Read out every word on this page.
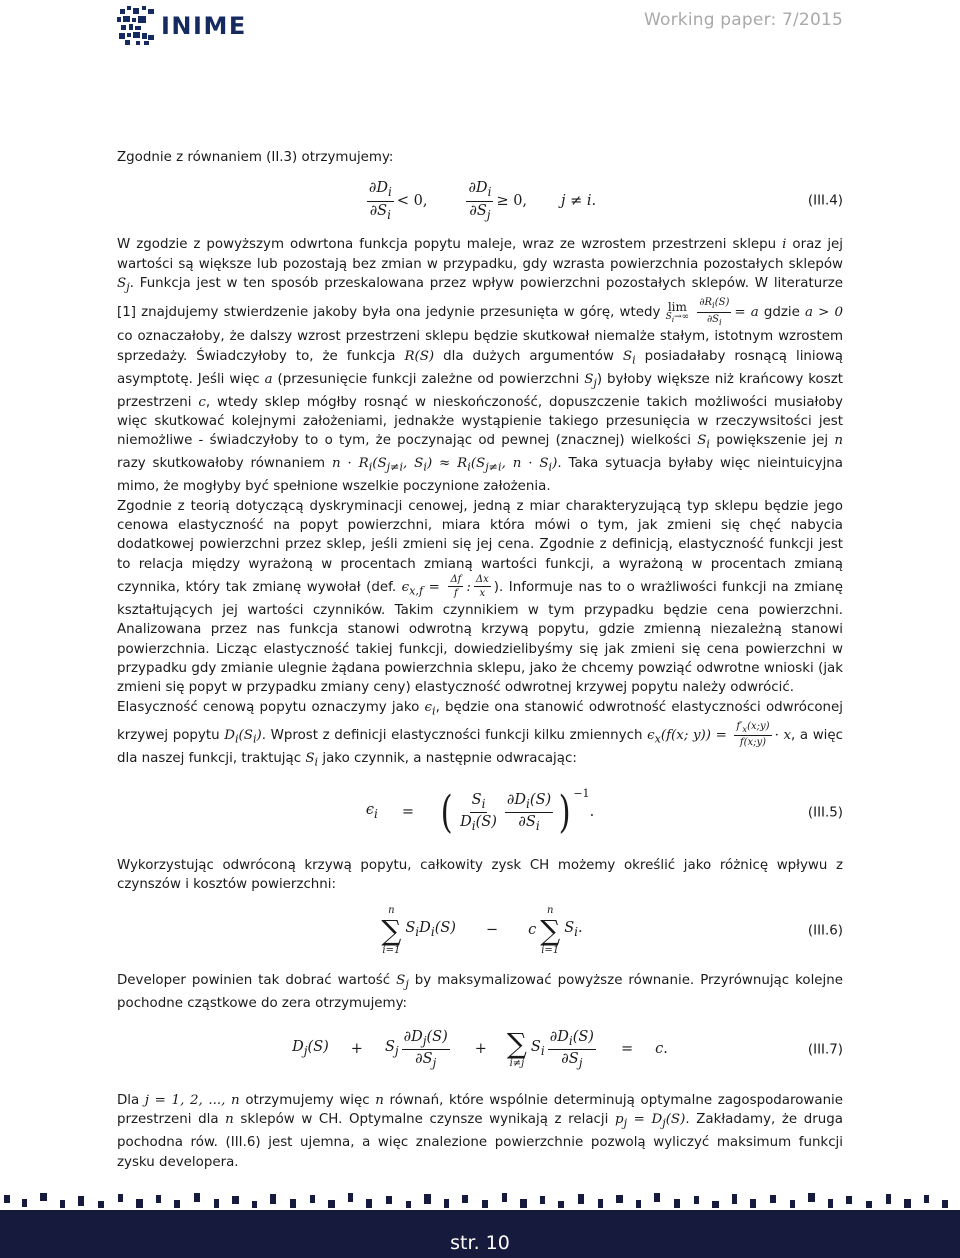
INIME	Working paper: 7/2015

Zgodnie z równaniem (II.3) otrzymujemy:

$\frac{\partial D_i}{\partial S_i} < 0$,	$\frac{\partial D_i}{\partial S_j} \ge 0$, j ≠ i.	(III.4)

W zgodzie z powyższym odwrtona funkcja popytu maleje, wraz ze wzrostem przestrzeni sklepu i oraz jej wartości są większe lub pozostają bez zmian w przypadku, gdy wzrasta powierzchnia pozostałych sklepów $S_j$. Funkcja jest w ten sposób przeskalowana przez wpływ powierzchni pozostałych sklepów. W literaturze [1] znajdujemy stwierdzenie jakoby była ona jedynie przesunięta w górę, wtedy lim
$S_i\to\infty$
$\frac{\partial R_i(S)}{\partial S_i} = a$ gdzie a > 0 co oznaczałoby, że dalszy wzrost przestrzeni sklepu będzie skutkował niemalże stałym, istotnym wzrostem sprzedaży. Świadczyłoby to, że funkcja R(S) dla dużych argumentów $S_i$ posiadałaby rosnącą liniową asymptotę. Jeśli więc a (przesunięcie funkcji zależne od powierzchni $S_j$) byłoby większe niż krańcowy koszt przestrzeni c, wtedy sklep mógłby rosnąć w nieskończoność, dopuszczenie takich możliwości musiałoby więc skutkować kolejnymi założeniami, jednakże wystąpienie takiego przesunięcia w rzeczywsitości jest niemożliwe - świadczyłoby to o tym, że poczynając od pewnej (znacznej) wielkości $S_i$ powiększenie jej n razy skutkowałoby równaniem $n \cdot R_i(S_{j\ne i}$, $S_i) \approx R_i(S_{j\ne i}$, $n \cdot S_i$). Taka sytuacja byłaby więc nieintuicyjna mimo, że mogłyby być spełnione wszelkie poczynione założenia.

Zgodnie z teorią dotyczącą dyskryminacji cenowej, jedną z miar charakteryzującą typ sklepu będzie jego cenowa elastyczność na popyt powierzchni, miara która mówi o tym, jak zmieni się chęć nabycia dodatkowej powierzchni przez sklep, jeśli zmieni się jej cena. Zgodnie z definicją, elastyczność funkcji jest to relacja między wyrażoną w procentach zmianą wartości funkcji, a wyrażoną w procentach zmianą czynnika, który tak zmianę wywołał (def. $\epsilon_{x,f} = \frac{\Delta f}{f}$ : $\frac{\Delta x}{x}$ ). Informuje nas to o wrażliwości funkcji na zmianę kształtujących jej wartości czynników. Takim czynnikiem w tym przypadku będzie cena powierzchni. Analizowana przez nas funkcja stanowi odwrotną krzywą popytu, gdzie zmienną niezależną stanowi powierzchnia. Licząc elastyczność takiej funkcji, dowiedzielibyśmy się jak zmieni się cena powierzchni w przypadku gdy zmianie ulegnie żądana powierzchnia sklepu, jako że chcemy powziąć odwrotne wnioski (jak zmieni się popyt w przypadku zmiany ceny) elastyczność odwrotnej krzywej popytu należy odwrócić.

Elasyczność cenową popytu oznaczymy jako $\epsilon_i$, będzie ona stanowić odwrotność elastyczności odwróconej krzywej popytu $D_i(S_i)$. Wprost z definicji elastyczności funkcji kilku zmiennych $\epsilon_x(f(x$; $y)) = \frac{f'_x(x;y)}{f(x;y)} \cdot x$, a więc dla naszej funkcji, traktując $S_i$ jako czynnik, a następnie odwracając:

$\epsilon_i$ = ( $\frac{S_i}{D_i(S)} \frac{\partial D_i(S)}{\partial S_i} )^{-1}$
.	(III.5)

Wykorzystując odwróconą krzywą popytu, całkowity zysk CH możemy określić jako różnicę wpływu z czynszów i kosztów powierzchni:

n
∑
i=1
$S_iD_i(S) - c$
n
∑
i=1
$S_i$.	(III.6)

Developer powinien tak dobrać wartość $S_j$ by maksymalizować powyższe równanie. Przyrównując kolejne pochodne cząstkowe do zera otrzymujemy:

$D_j(S) + S_j \frac{\partial D_j(S)}{\partial S_j}$ + ∑
i≠j
$S_i \frac{\partial D_i(S)}{\partial S_j} = c$.	(III.7)

Dla j = 1, 2, ..., n otrzymujemy więc n równań, które wspólnie determinują optymalne zagospodarowanie przestrzeni dla n sklepów w CH. Optymalne czynsze wynikają z relacji $p_j = D_j(S)$. Zakładamy, że druga pochodna rów. (III.6) jest ujemna, a więc znalezione powierzchnie pozwolą wyliczyć maksimum funkcji zysku developera.

str. 10
